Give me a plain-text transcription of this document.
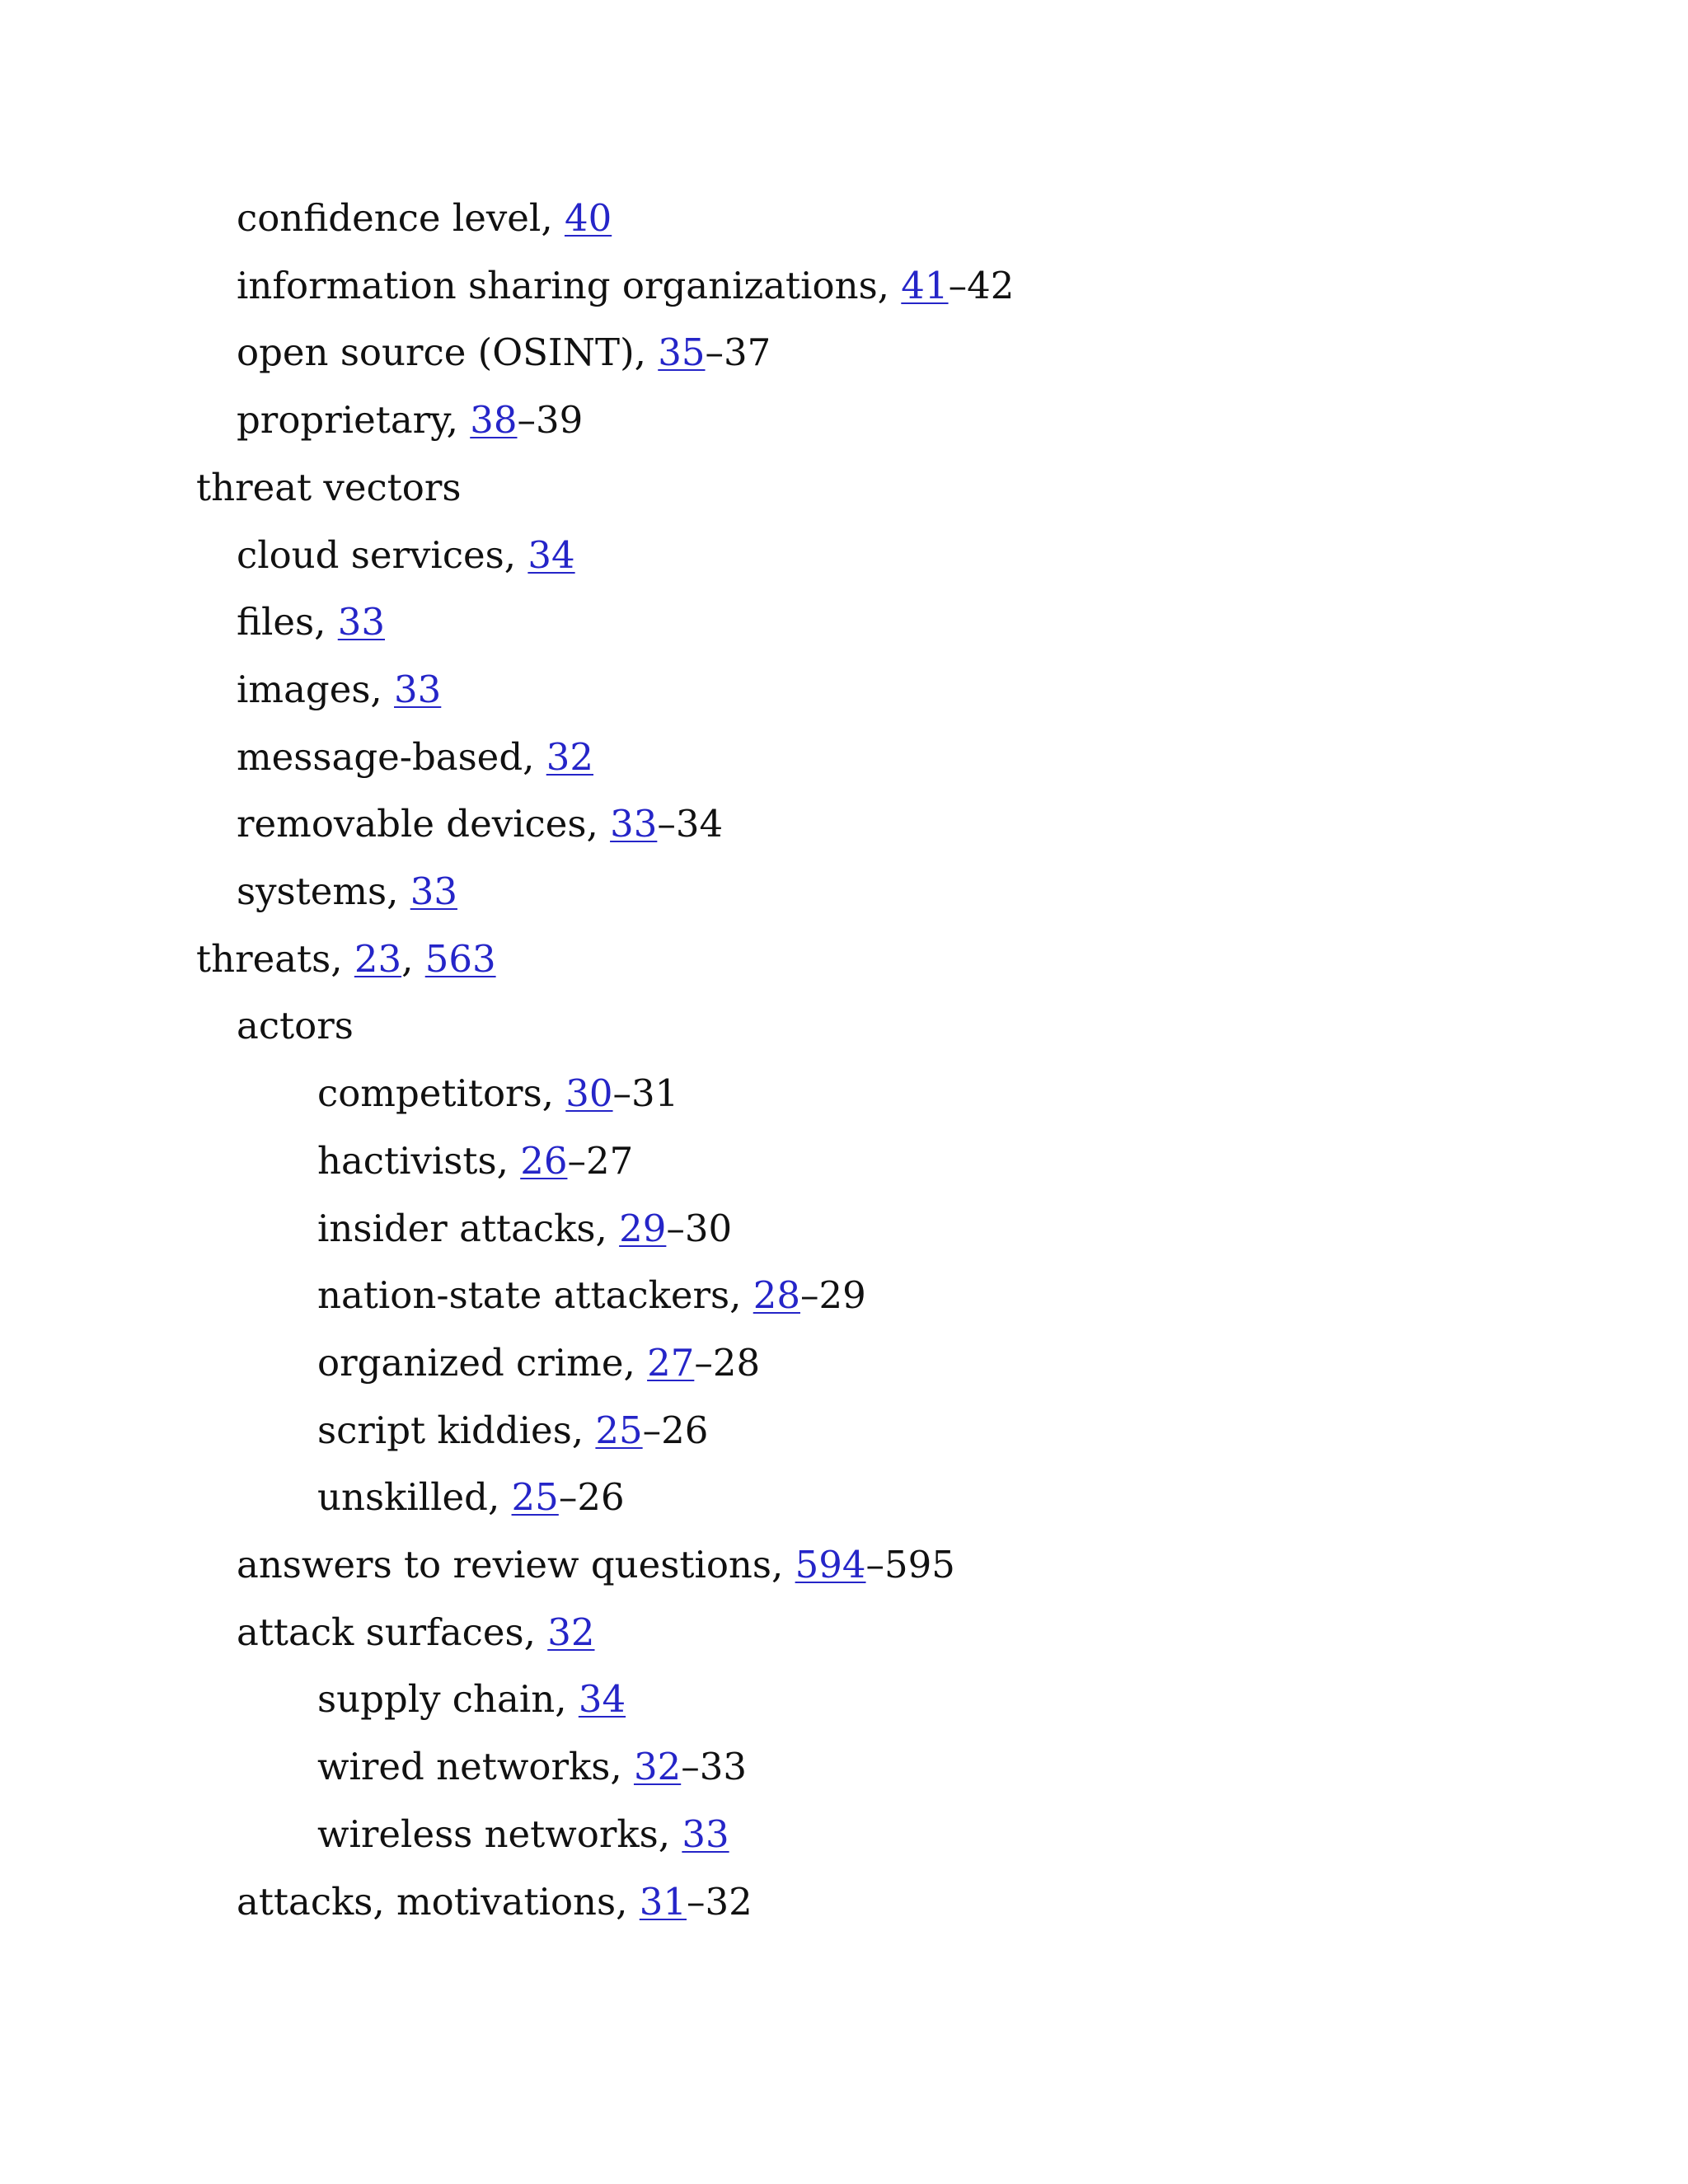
confidence level, 40
information sharing organizations, 41–42
open source (OSINT), 35–37
proprietary, 38–39
threat vectors
cloud services, 34
files, 33
images, 33
message-based, 32
removable devices, 33–34
systems, 33
threats, 23, 563
actors
competitors, 30–31
hactivists, 26–27
insider attacks, 29–30
nation-state attackers, 28–29
organized crime, 27–28
script kiddies, 25–26
unskilled, 25–26
answers to review questions, 594–595
attack surfaces, 32
supply chain, 34
wired networks, 32–33
wireless networks, 33
attacks, motivations, 31–32
